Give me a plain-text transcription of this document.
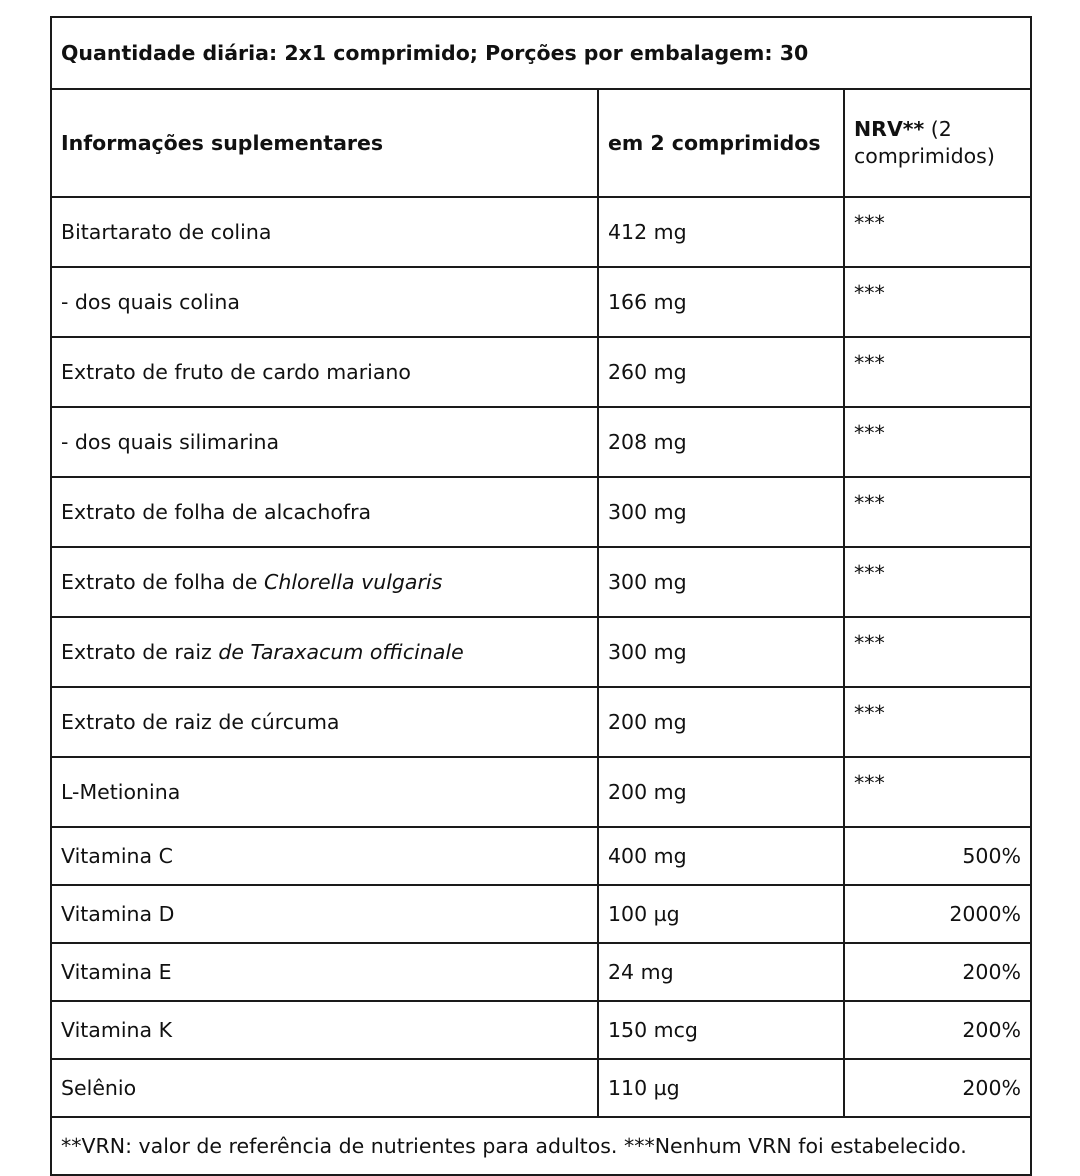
Quantidade diária: 2x1 comprimido; Porções por embalagem: 30		
Informações suplementares	em 2 comprimidos	NRV** (2 comprimidos)
Bitartarato de colina	412 mg	***
- dos quais colina	166 mg	***
Extrato de fruto de cardo mariano	260 mg	***
- dos quais silimarina	208 mg	***
Extrato de folha de alcachofra	300 mg	***
Extrato de folha de Chlorella vulgaris	300 mg	***
Extrato de raiz de Taraxacum officinale	300 mg	***
Extrato de raiz de cúrcuma	200 mg	***
L-Metionina	200 mg	***
Vitamina C	400 mg	500%
Vitamina D	100 µg	2000%
Vitamina E	24 mg	200%
Vitamina K	150 mcg	200%
Selênio	110 µg	200%
**VRN: valor de referência de nutrientes para adultos. ***Nenhum VRN foi estabelecido.		
